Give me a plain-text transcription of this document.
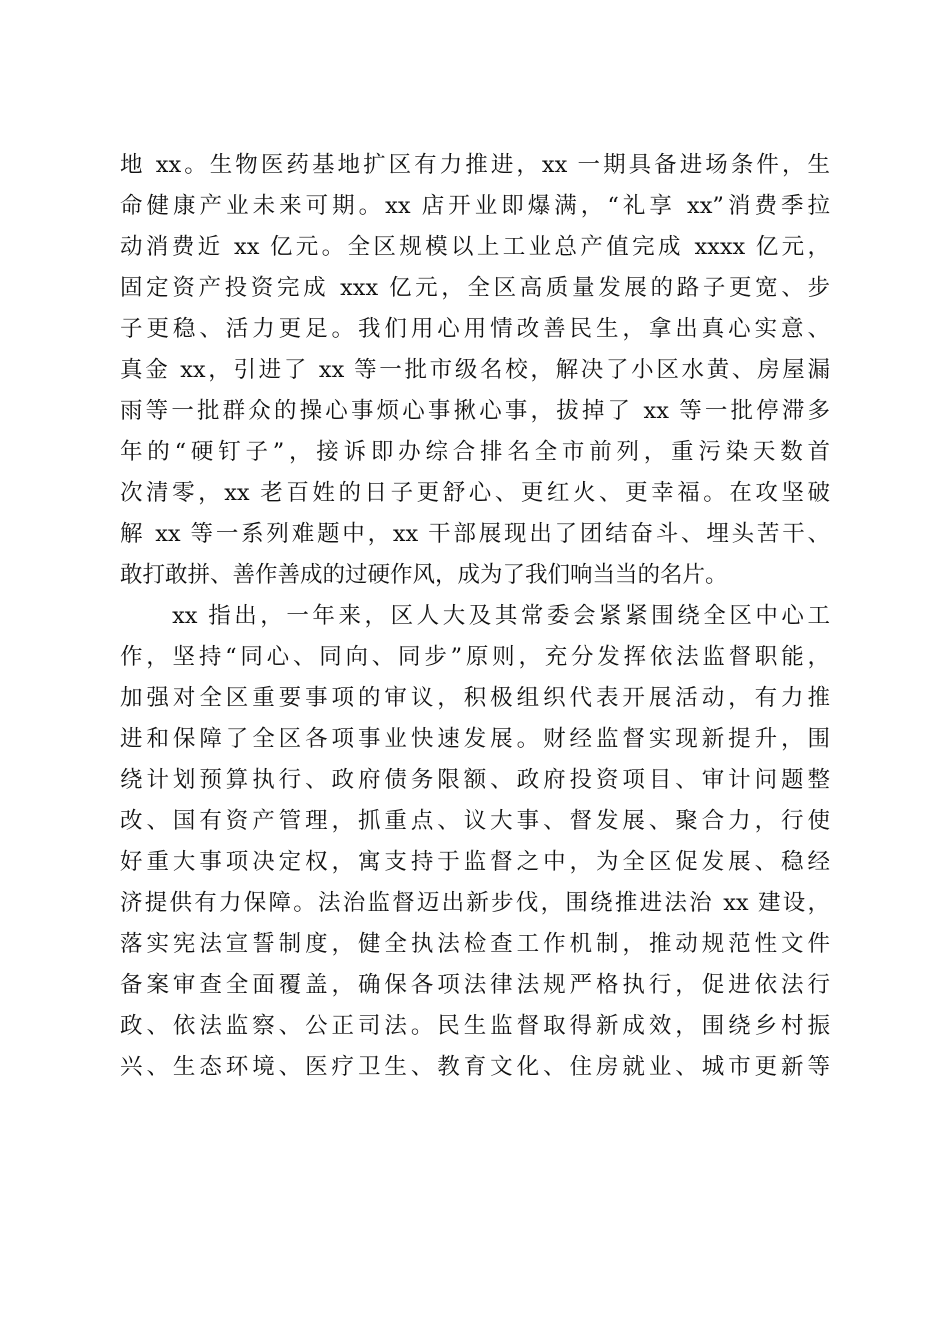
地 xx。生物医药基地扩区有力推进，xx 一期具备进场条件，生
命健康产业未来可期。xx 店开业即爆满，“礼享 xx”消费季拉
动消费近 xx 亿元。全区规模以上工业总产值完成 xxxx 亿元，
固定资产投资完成 xxx 亿元，全区高质量发展的路子更宽、步
子更稳、活力更足。我们用心用情改善民生，拿出真心实意、
真金 xx，引进了 xx 等一批市级名校，解决了小区水黄、房屋漏
雨等一批群众的操心事烦心事揪心事，拔掉了 xx 等一批停滞多
年的“硬钉子”，接诉即办综合排名全市前列，重污染天数首
次清零，xx 老百姓的日子更舒心、更红火、更幸福。在攻坚破
解 xx 等一系列难题中，xx 干部展现出了团结奋斗、埋头苦干、
敢打敢拼、善作善成的过硬作风，成为了我们响当当的名片。
　　xx 指出，一年来，区人大及其常委会紧紧围绕全区中心工
作，坚持“同心、同向、同步”原则，充分发挥依法监督职能，
加强对全区重要事项的审议，积极组织代表开展活动，有力推
进和保障了全区各项事业快速发展。财经监督实现新提升，围
绕计划预算执行、政府债务限额、政府投资项目、审计问题整
改、国有资产管理，抓重点、议大事、督发展、聚合力，行使
好重大事项决定权，寓支持于监督之中，为全区促发展、稳经
济提供有力保障。法治监督迈出新步伐，围绕推进法治 xx 建设，
落实宪法宣誓制度，健全执法检查工作机制，推动规范性文件
备案审查全面覆盖，确保各项法律法规严格执行，促进依法行
政、依法监察、公正司法。民生监督取得新成效，围绕乡村振
兴、生态环境、医疗卫生、教育文化、住房就业、城市更新等
